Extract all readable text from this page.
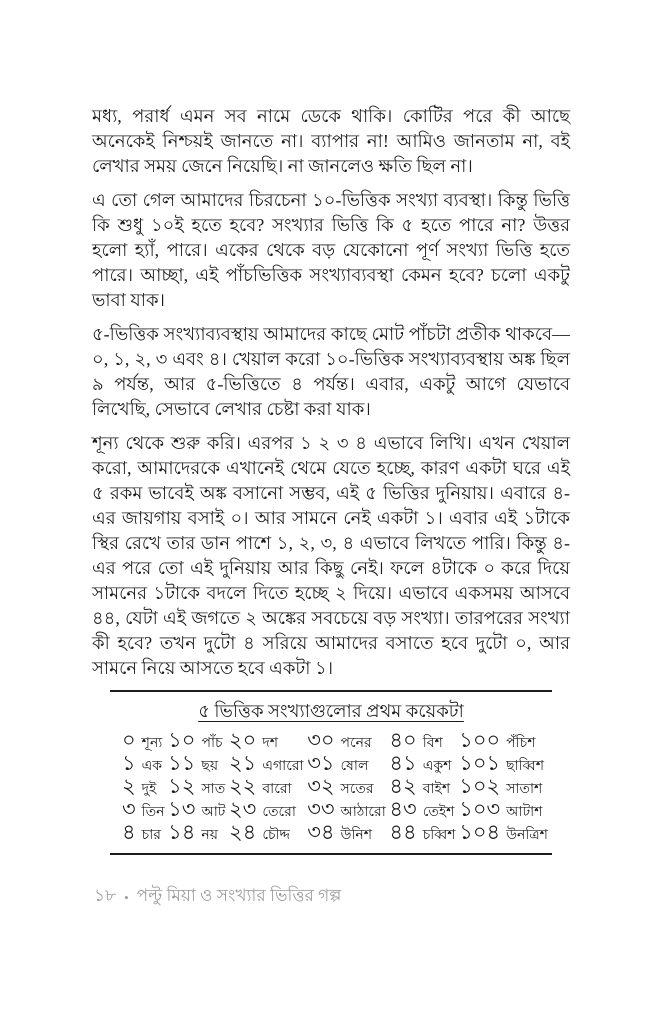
মধ্য, পরার্ধ এমন সব নামে ডেকে থাকি। কোটির পরে কী আছে অনেকেই নিশ্চয়ই জানতে না। ব্যাপার না! আমিও জানতাম না, বই লেখার সময় জেনে নিয়েছি। না জানলেও ক্ষতি ছিল না।

এ তো গেল আমাদের চিরচেনা ১০-ভিত্তিক সংখ্যা ব্যবস্থা। কিন্তু ভিত্তি কি শুধু ১০ই হতে হবে? সংখ্যার ভিত্তি কি ৫ হতে পারে না? উত্তর হলো হ্যাঁ, পারে। একের থেকে বড় যেকোনো পূর্ণ সংখ্যা ভিত্তি হতে পারে। আচ্ছা, এই পাঁচভিত্তিক সংখ্যাব্যবস্থা কেমন হবে? চলো একটু ভাবা যাক।

৫-ভিত্তিক সংখ্যাব্যবস্থায় আমাদের কাছে মোট পাঁচটা প্রতীক থাকবে— ০, ১, ২, ৩ এবং ৪। খেয়াল করো ১০-ভিত্তিক সংখ্যাব্যবস্থায় অঙ্ক ছিল ৯ পর্যন্ত, আর ৫-ভিত্তিতে ৪ পর্যন্ত। এবার, একটু আগে যেভাবে লিখেছি, সেভাবে লেখার চেষ্টা করা যাক।

শূন্য থেকে শুরু করি। এরপর ১ ২ ৩ ৪ এভাবে লিখি। এখন খেয়াল করো, আমাদেরকে এখানেই থেমে যেতে হচ্ছে, কারণ একটা ঘরে এই ৫ রকম ভাবেই অঙ্ক বসানো সম্ভব, এই ৫ ভিত্তির দুনিয়ায়। এবারে ৪-এর জায়গায় বসাই ০। আর সামনে নেই একটা ১। এবার এই ১টাকে স্থির রেখে তার ডান পাশে ১, ২, ৩, ৪ এভাবে লিখতে পারি। কিন্তু ৪-এর পরে তো এই দুনিয়ায় আর কিছু নেই। ফলে ৪টাকে ০ করে দিয়ে সামনের ১টাকে বদলে দিতে হচ্ছে ২ দিয়ে। এভাবে একসময় আসবে ৪৪, যেটা এই জগতে ২ অঙ্কের সবচেয়ে বড় সংখ্যা। তারপরের সংখ্যা কী হবে? তখন দুটো ৪ সরিয়ে আমাদের বসাতে হবে দুটো ০, আর সামনে নিয়ে আসতে হবে একটা ১।

৫ ভিত্তিক সংখ্যাগুলোর প্রথম কয়েকটা
০ শূন্য
১ এক
২ দুই
৩ তিন
৪ চার
১০ পাঁচ
১১ ছয়
১২ সাত
১৩ আট
১৪ নয়
২০ দশ
২১ এগারো
২২ বারো
২৩ তেরো
২৪ চৌদ্দ
৩০ পনের
৩১ ষোল
৩২ সতের
৩৩ আঠারো
৩৪ উনিশ
৪০ বিশ
৪১ একুশ
৪২ বাইশ
৪৩ তেইশ
৪৪ চব্বিশ
১০০ পঁচিশ
১০১ ছাব্বিশ
১০২ সাতাশ
১০৩ আটাশ
১০৪ উনত্রিশ
১৮ • পল্টু মিয়া ও সংখ্যার ভিত্তির গল্প
